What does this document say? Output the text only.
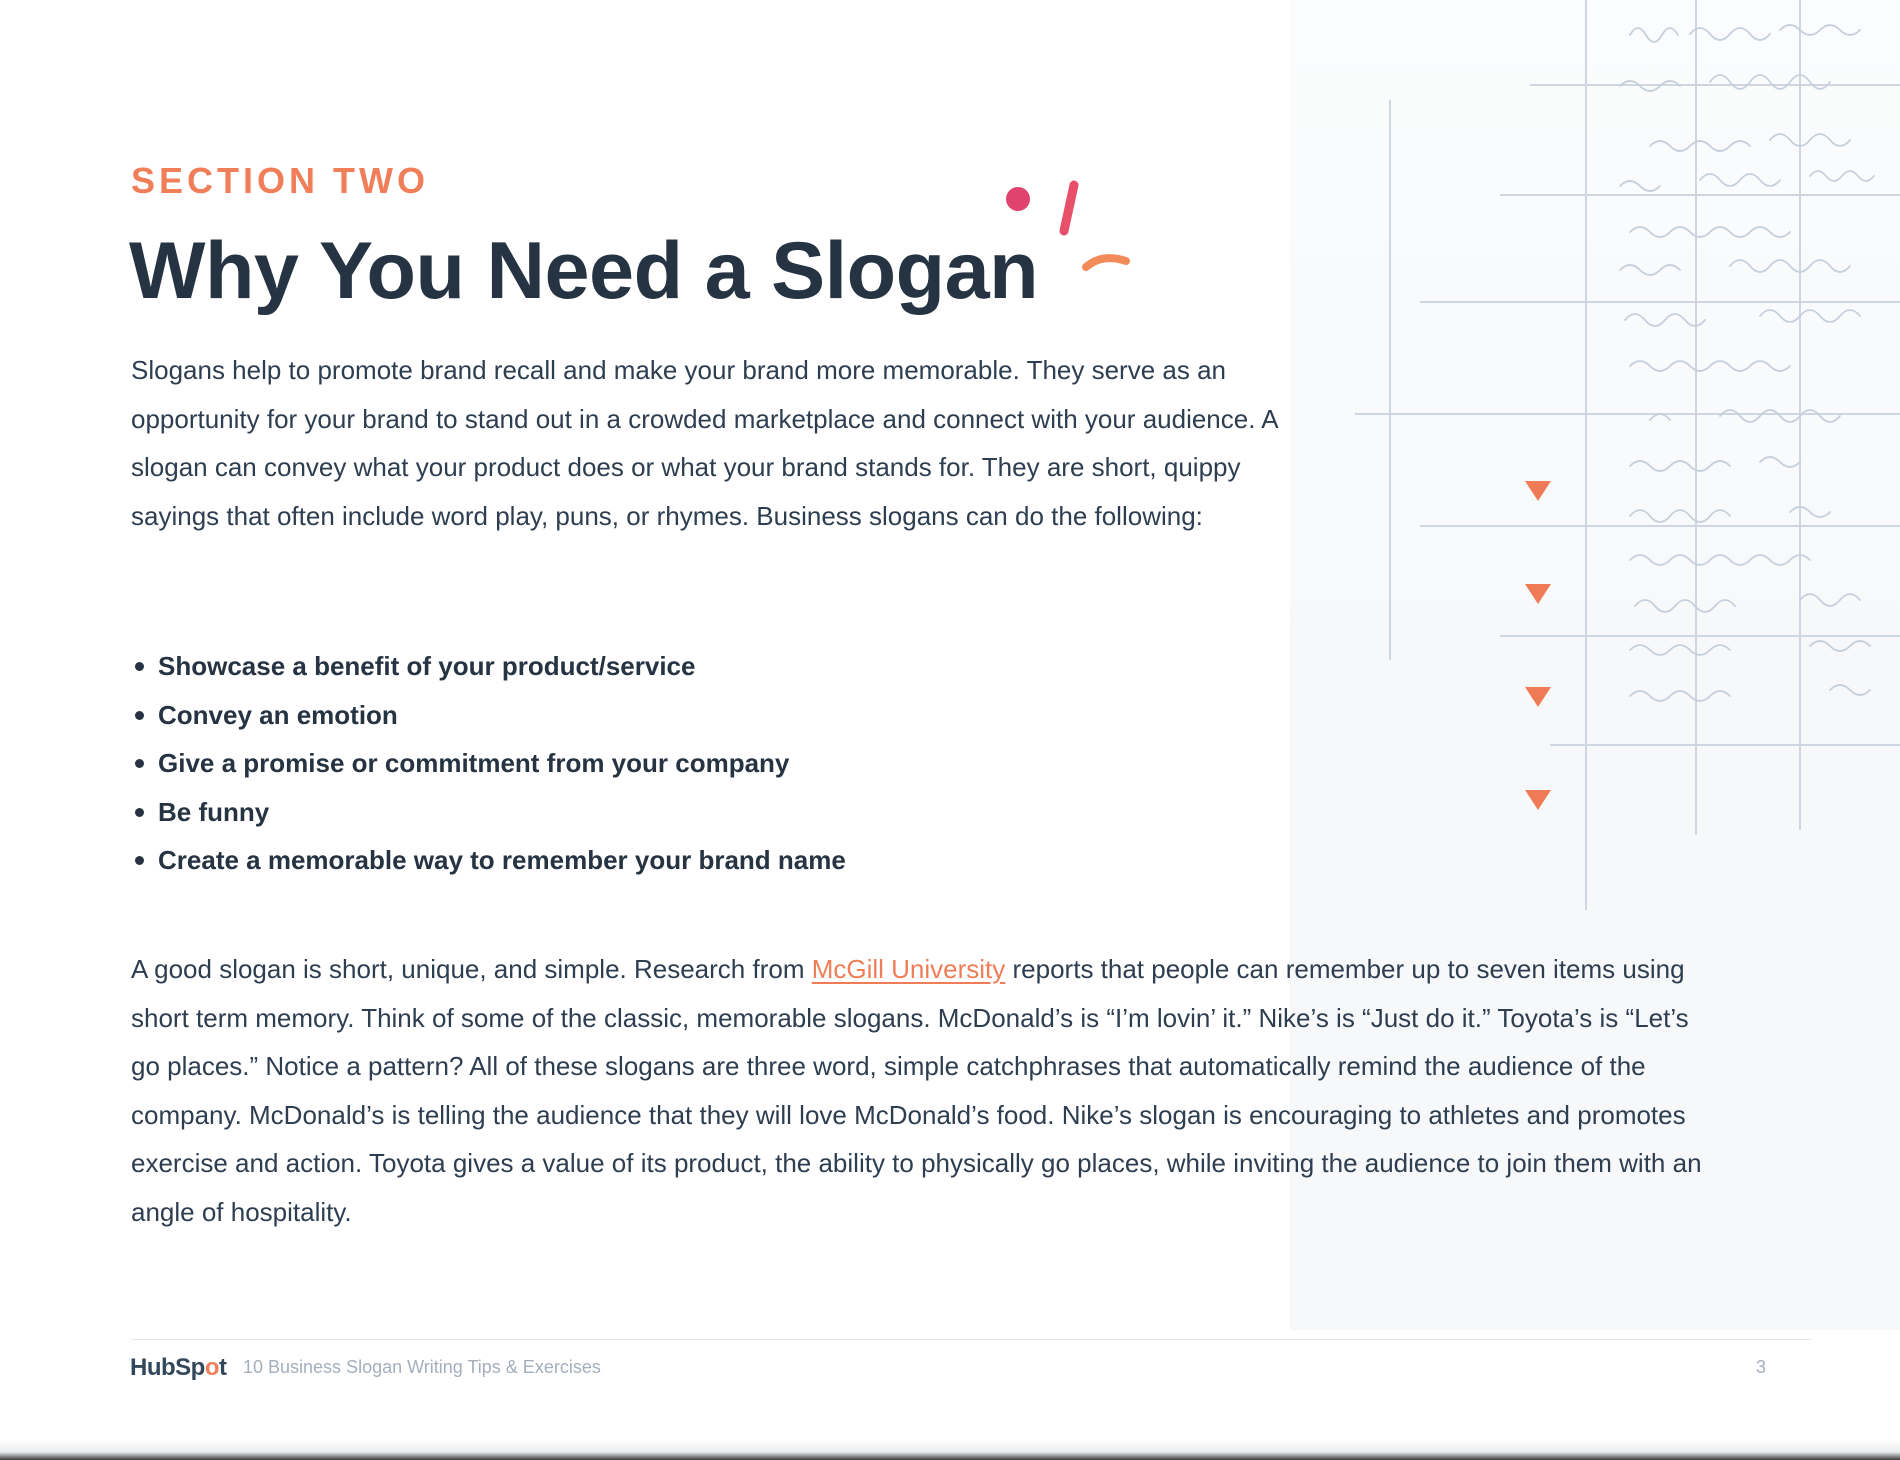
SECTION TWO
Why You Need a Slogan

Slogans help to promote brand recall and make your brand more memorable. They serve as an opportunity for your brand to stand out in a crowded marketplace and connect with your audience. A slogan can convey what your product does or what your brand stands for. They are short, quippy sayings that often include word play, puns, or rhymes. Business slogans can do the following:

Showcase a benefit of your product/service
Convey an emotion
Give a promise or commitment from your company
Be funny
Create a memorable way to remember your brand name

A good slogan is short, unique, and simple. Research from McGill University reports that people can remember up to seven items using short term memory. Think of some of the classic, memorable slogans. McDonald’s is “I’m lovin’ it.” Nike’s is “Just do it.” Toyota’s is “Let’s go places.” Notice a pattern? All of these slogans are three word, simple catchphrases that automatically remind the audience of the company. McDonald’s is telling the audience that they will love McDonald’s food. Nike’s slogan is encouraging to athletes and promotes exercise and action. Toyota gives a value of its product, the ability to physically go places, while inviting the audience to join them with an angle of hospitality.

HubSpot 10 Business Slogan Writing Tips & Exercises	3
